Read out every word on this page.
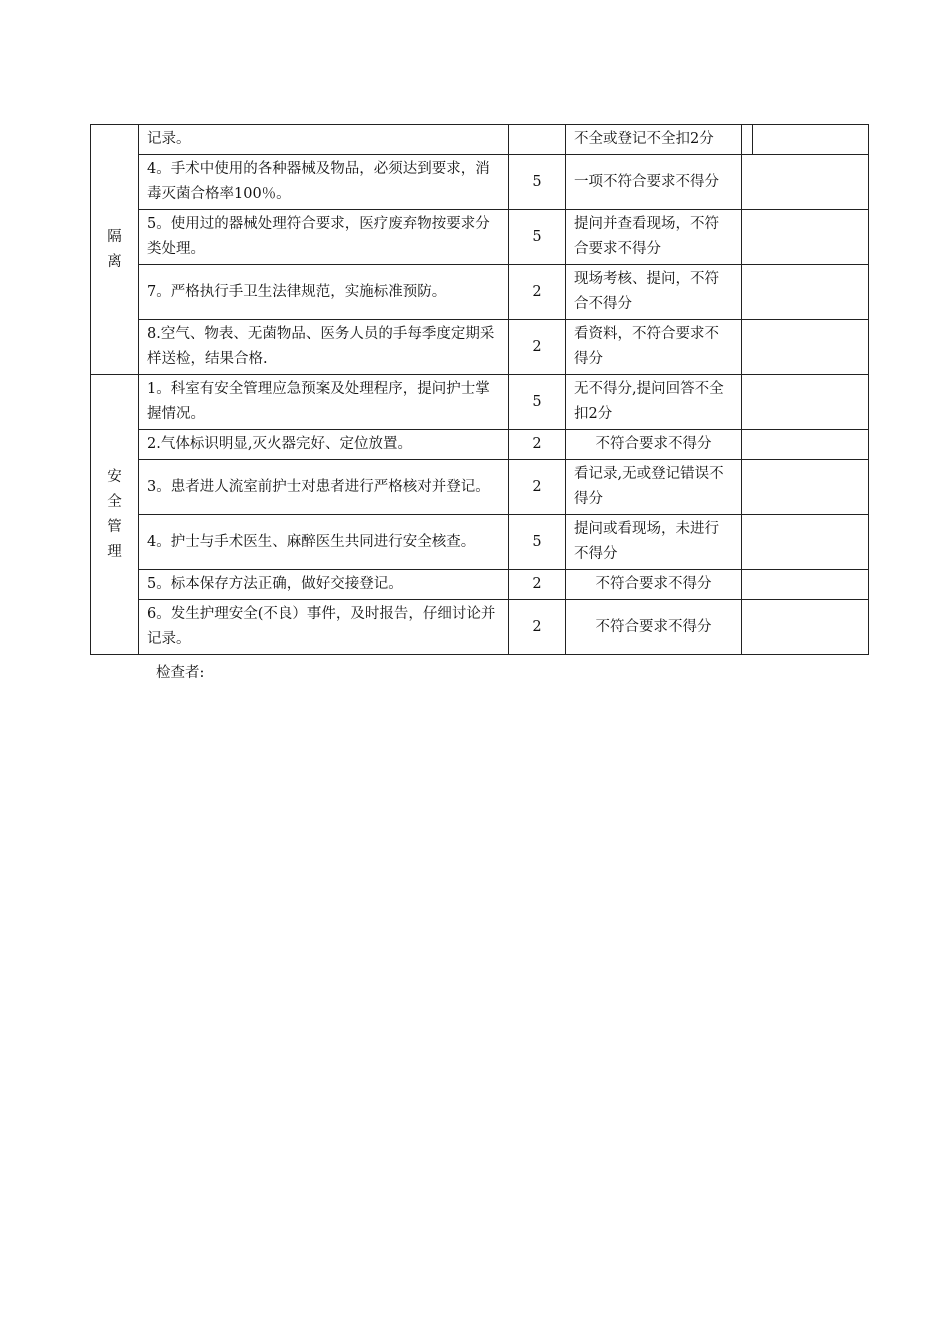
隔离	记录。		不全或登记不全扣2分	

	4。手术中使用的各种器械及物品，必须达到要求，消毒灭菌合格率100％。	5	一项不符合要求不得分	
	5。使用过的器械处理符合要求，医疗废弃物按要求分类处理。	5	提问并查看现场，不符合要求不得分	
	7。严格执行手卫生法律规范，实施标准预防。	2	现场考核、提问，不符合不得分	
	8.空气、物表、无菌物品、医务人员的手每季度定期采样送检，结果合格.	2	看资料，不符合要求不得分	

安全管理	1。科室有安全管理应急预案及处理程序，提问护士掌握情况。	5	无不得分,提问回答不全扣2分	
	2.气体标识明显,灭火器完好、定位放置。	2	不符合要求不得分	
	3。患者进人流室前护士对患者进行严格核对并登记。	2	看记录,无或登记错误不得分	
	4。护士与手术医生、麻醉医生共同进行安全核查。	5	提问或看现场，未进行不得分	
	5。标本保存方法正确，做好交接登记。	2	不符合要求不得分	
	6。发生护理安全(不良）事件，及时报告，仔细讨论并记录。	2	不符合要求不得分	
检查者:
